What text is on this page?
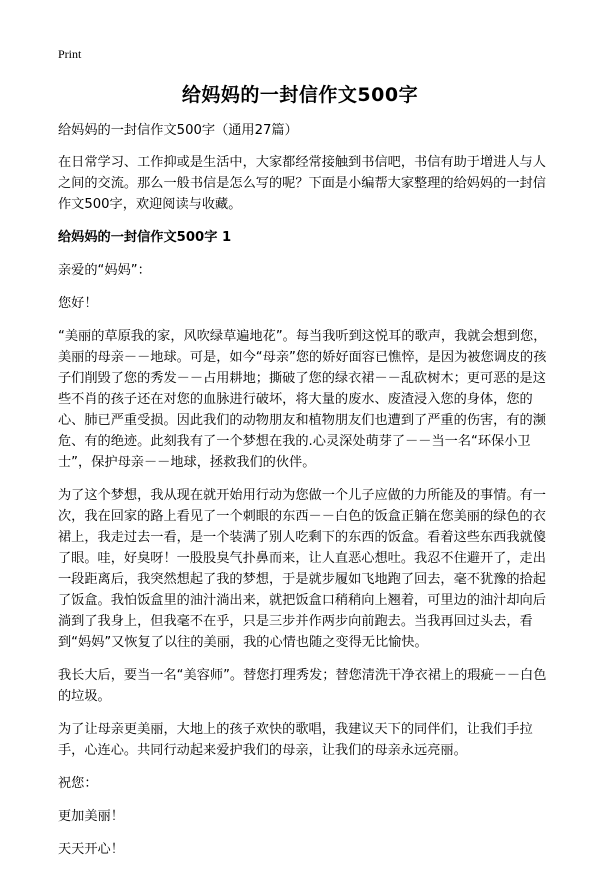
Print
给妈妈的一封信作文500字

给妈妈的一封信作文500字（通用27篇）

在日常学习、工作抑或是生活中，大家都经常接触到书信吧，书信有助于增进人与人之间的交流。那么一般书信是怎么写的呢？下面是小编帮大家整理的给妈妈的一封信作文500字，欢迎阅读与收藏。

给妈妈的一封信作文500字 1

亲爱的“妈妈”：

您好！

“美丽的草原我的家，风吹绿草遍地花”。每当我听到这悦耳的歌声，我就会想到您，美丽的母亲－－地球。可是，如今“母亲”您的娇好面容已憔悴，是因为被您调皮的孩子们削毁了您的秀发－－占用耕地；撕破了您的绿衣裙－－乱砍树木；更可恶的是这些不肖的孩子还在对您的血脉进行破坏，将大量的废水、废渣浸入您的身体，您的心、肺已严重受损。因此我们的动物朋友和植物朋友们也遭到了严重的伤害，有的濒危、有的绝迹。此刻我有了一个梦想在我的.心灵深处萌芽了－－当一名“环保小卫士”，保护母亲－－地球，拯救我们的伙伴。

为了这个梦想，我从现在就开始用行动为您做一个儿子应做的力所能及的事情。有一次，我在回家的路上看见了一个刺眼的东西－－白色的饭盒正躺在您美丽的绿色的衣裙上，我走过去一看，是一个装满了别人吃剩下的东西的饭盒。看着这些东西我就傻了眼。哇，好臭呀！一股股臭气扑鼻而来，让人直恶心想吐。我忍不住避开了，走出一段距离后，我突然想起了我的梦想，于是就步履如飞地跑了回去，毫不犹豫的拾起了饭盒。我怕饭盒里的油汁淌出来，就把饭盒口稍稍向上翘着，可里边的油汁却向后淌到了我身上，但我毫不在乎，只是三步并作两步向前跑去。当我再回过头去，看到“妈妈”又恢复了以往的美丽，我的心情也随之变得无比愉快。

我长大后，要当一名“美容师”。替您打理秀发；替您清洗干净衣裙上的瑕疵－－白色的垃圾。

为了让母亲更美丽，大地上的孩子欢快的歌唱，我建议天下的同伴们，让我们手拉手，心连心。共同行动起来爱护我们的母亲，让我们的母亲永远亮丽。

祝您：

更加美丽！

天天开心！
